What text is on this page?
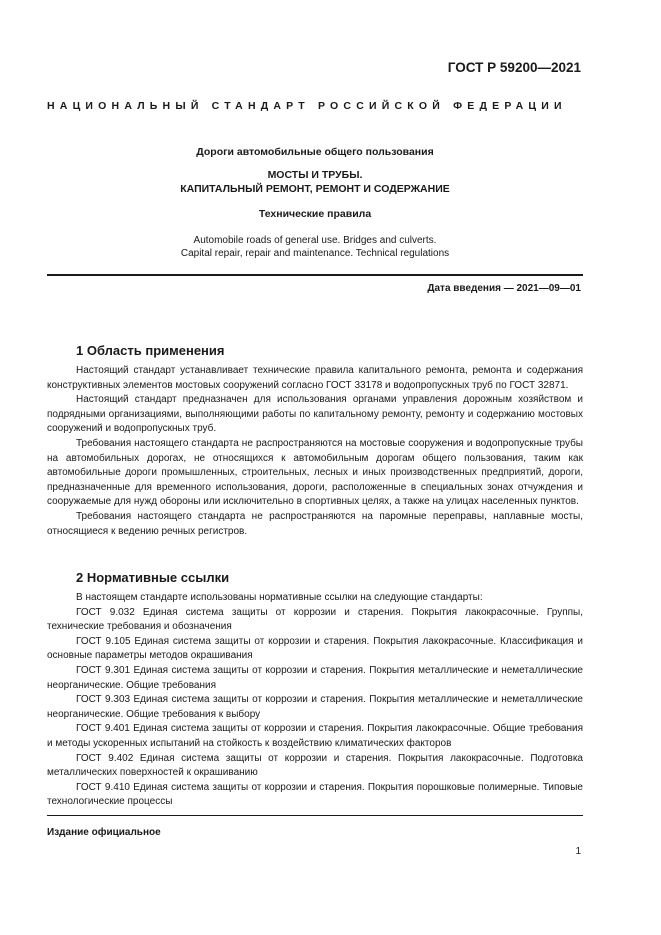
ГОСТ Р 59200—2021
НАЦИОНАЛЬНЫЙ СТАНДАРТ РОССИЙСКОЙ ФЕДЕРАЦИИ
Дороги автомобильные общего пользования
МОСТЫ И ТРУБЫ.
КАПИТАЛЬНЫЙ РЕМОНТ, РЕМОНТ И СОДЕРЖАНИЕ
Технические правила
Automobile roads of general use. Bridges and culverts.
Capital repair, repair and maintenance. Technical regulations
Дата введения — 2021—09—01
1 Область применения

Настоящий стандарт устанавливает технические правила капитального ремонта, ремонта и содержания конструктивных элементов мостовых сооружений согласно ГОСТ 33178 и водопропускных труб по ГОСТ 32871.

Настоящий стандарт предназначен для использования органами управления дорожным хозяйством и подрядными организациями, выполняющими работы по капитальному ремонту, ремонту и содержанию мостовых сооружений и водопропускных труб.

Требования настоящего стандарта не распространяются на мостовые сооружения и водопропускные трубы на автомобильных дорогах, не относящихся к автомобильным дорогам общего пользования, таким как автомобильные дороги промышленных, строительных, лесных и иных производственных предприятий, дороги, предназначенные для временного использования, дороги, расположенные в специальных зонах отчуждения и сооружаемые для нужд обороны или исключительно в спортивных целях, а также на улицах населенных пунктов.

Требования настоящего стандарта не распространяются на паромные переправы, наплавные мосты, относящиеся к ведению речных регистров.

2 Нормативные ссылки

В настоящем стандарте использованы нормативные ссылки на следующие стандарты:

ГОСТ 9.032 Единая система защиты от коррозии и старения. Покрытия лакокрасочные. Группы, технические требования и обозначения

ГОСТ 9.105 Единая система защиты от коррозии и старения. Покрытия лакокрасочные. Классификация и основные параметры методов окрашивания

ГОСТ 9.301 Единая система защиты от коррозии и старения. Покрытия металлические и неметаллические неорганические. Общие требования

ГОСТ 9.303 Единая система защиты от коррозии и старения. Покрытия металлические и неметаллические неорганические. Общие требования к выбору

ГОСТ 9.401 Единая система защиты от коррозии и старения. Покрытия лакокрасочные. Общие требования и методы ускоренных испытаний на стойкость к воздействию климатических факторов

ГОСТ 9.402 Единая система защиты от коррозии и старения. Покрытия лакокрасочные. Подготовка металлических поверхностей к окрашиванию

ГОСТ 9.410 Единая система защиты от коррозии и старения. Покрытия порошковые полимерные. Типовые технологические процессы

Издание официальное
1
